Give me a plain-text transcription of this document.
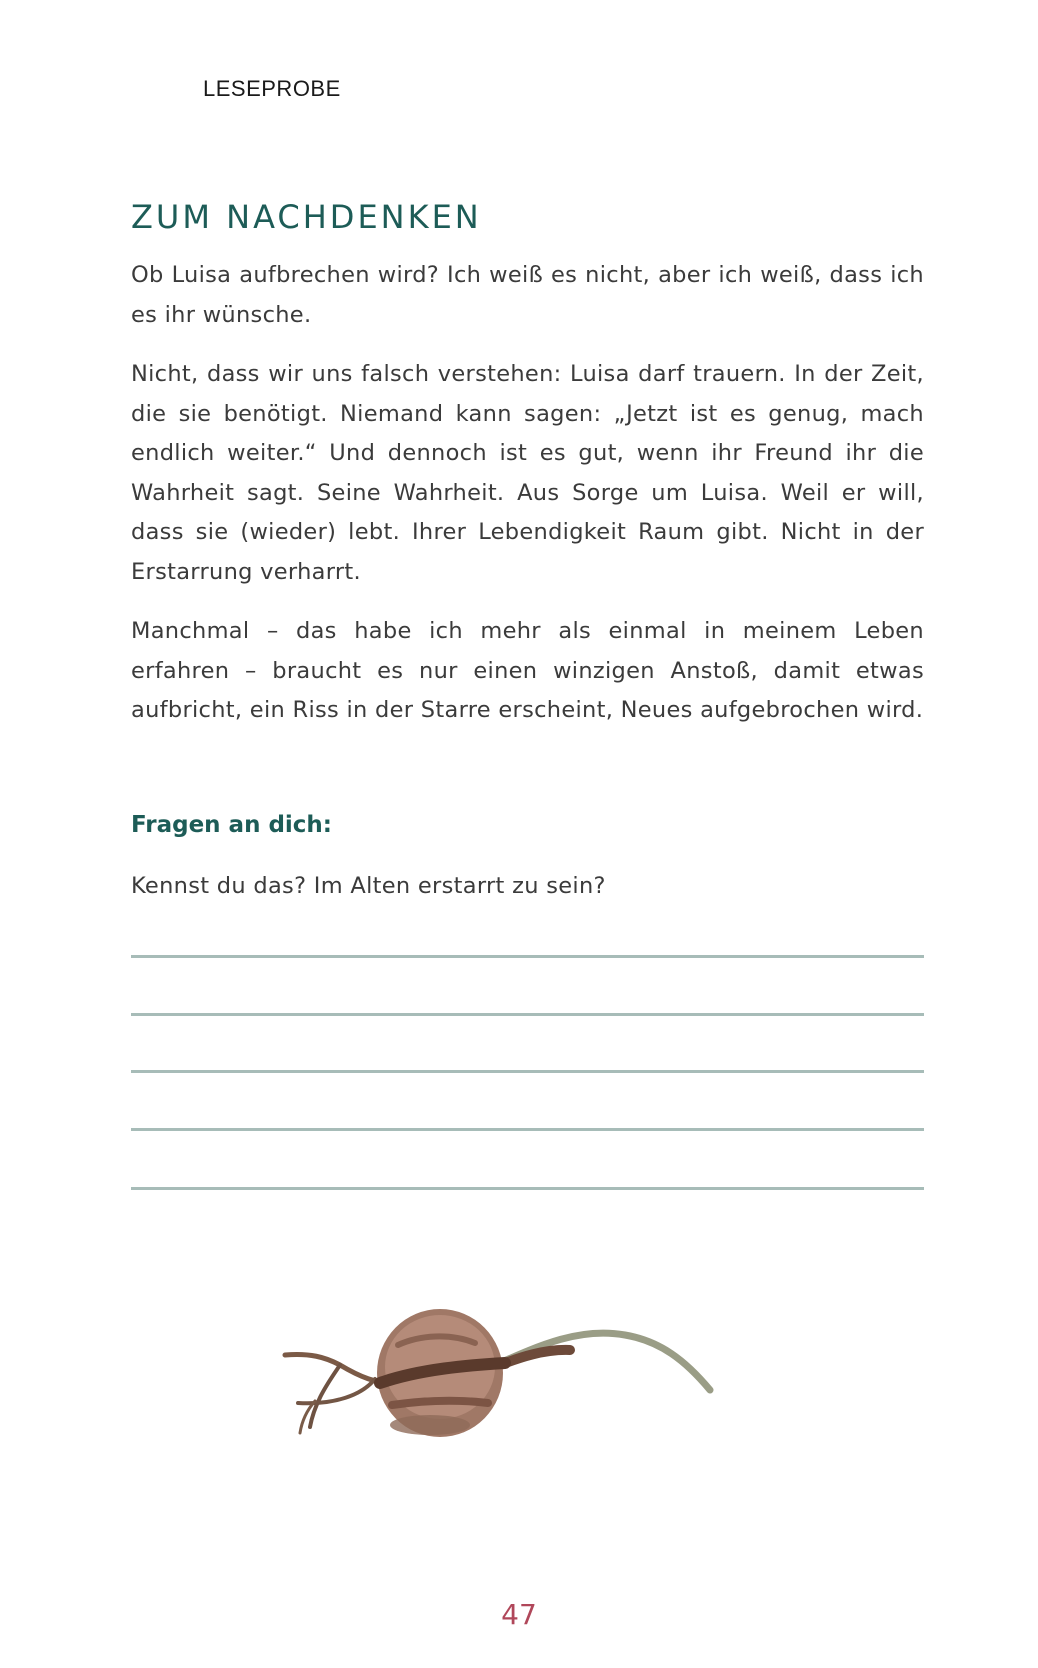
LESEPROBE
ZUM NACHDENKEN

Ob Luisa aufbrechen wird? Ich weiß es nicht, aber ich weiß, dass ich es ihr wünsche.

Nicht, dass wir uns falsch verstehen: Luisa darf trauern. In der Zeit, die sie benötigt. Niemand kann sagen: „Jetzt ist es genug, mach endlich weiter.“ Und dennoch ist es gut, wenn ihr Freund ihr die Wahrheit sagt. Seine Wahrheit. Aus Sorge um Luisa. Weil er will, dass sie (wieder) lebt. Ihrer Lebendigkeit Raum gibt. Nicht in der Erstarrung verharrt.

Manchmal – das habe ich mehr als einmal in meinem Leben erfahren – braucht es nur einen winzigen Anstoß, damit etwas aufbricht, ein Riss in der Starre erscheint, Neues aufgebrochen wird.

Fragen an dich:

Kennst du das? Im Alten erstarrt zu sein?

47
